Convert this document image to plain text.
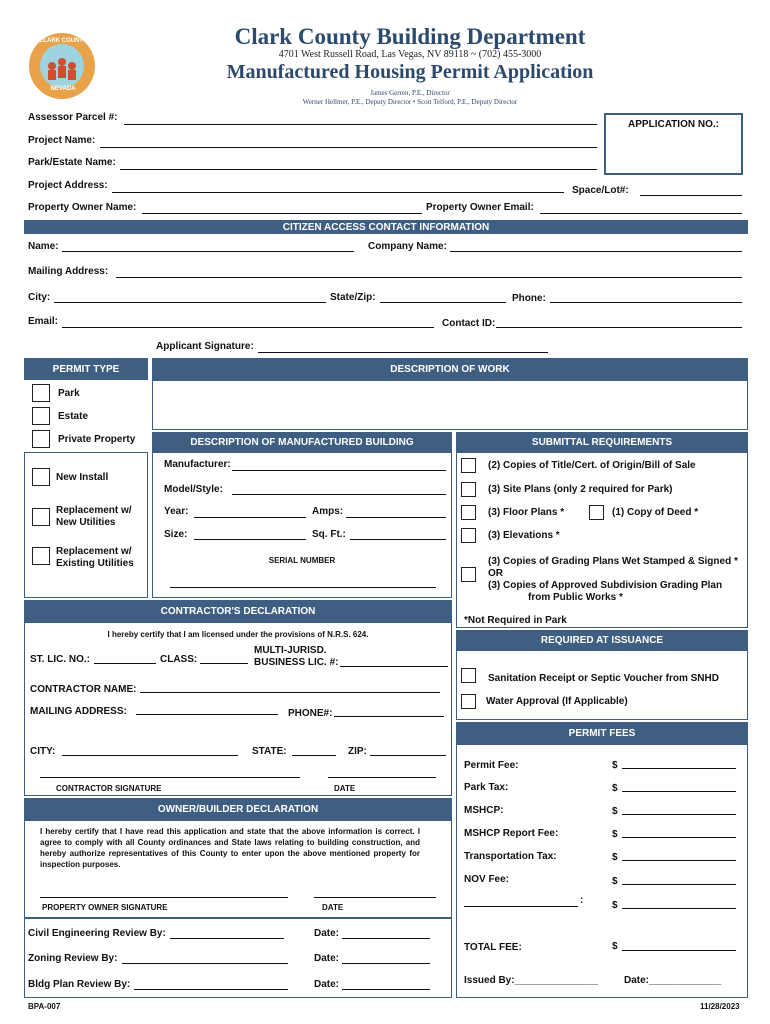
CLARK COUNTY
NEVADA
Clark County Building Department
4701 West Russell Road, Las Vegas, NV 89118 ~ (702) 455-3000
Manufactured Housing Permit Application
James Gerren, P.E., Director
Werner Hellmer, P.E., Deputy Director • Scott Telford, P.E., Deputy Director
Assessor Parcel #:
Project Name:
Park/Estate Name:
APPLICATION NO.:
Project Address:	Space/Lot#:
Property Owner Name:	Property Owner Email:
CITIZEN ACCESS CONTACT INFORMATION
Name:	Company Name:
Mailing Address:
City:	State/Zip:	Phone:
Email:	Contact ID:
Applicant Signature:
PERMIT TYPE	DESCRIPTION OF WORK
Park
Estate
Private Property
New Install
Replacement w/
New Utilities
Replacement w/
Existing Utilities
DESCRIPTION OF MANUFACTURED BUILDING
Manufacturer:
Model/Style:
Year:	Amps:
Size:	Sq. Ft.:
SERIAL NUMBER
SUBMITTAL REQUIREMENTS
(2) Copies of Title/Cert. of Origin/Bill of Sale
(3) Site Plans (only 2 required for Park)
(3) Floor Plans *	(1) Copy of Deed *
(3) Elevations *
(3) Copies of Grading Plans Wet Stamped & Signed *
OR
(3) Copies of Approved Subdivision Grading Plan
from Public Works *
*Not Required in Park
CONTRACTOR'S DECLARATION
I hereby certify that I am licensed under the provisions of N.R.S. 624.
ST. LIC. NO.:	CLASS:
MULTI-JURISD.
BUSINESS LIC. #:
CONTRACTOR NAME:
MAILING ADDRESS:	PHONE#:
CITY:	STATE:	ZIP:
CONTRACTOR SIGNATURE	DATE
REQUIRED AT ISSUANCE
Sanitation Receipt or Septic Voucher from SNHD
Water Approval (If Applicable)
PERMIT FEES
Permit Fee:	$
Park Tax:	$
MSHCP:	$
MSHCP Report Fee:	$
Transportation Tax:	$
NOV Fee:	$
:	$
TOTAL FEE:	$
Issued By:_______________	Date:_____________
OWNER/BUILDER DECLARATION

I hereby certify that I have read this application and state that the above information is correct. I agree to comply with all County ordinances and State laws relating to building construction, and hereby authorize representatives of this County to enter upon the above mentioned property for inspection purposes.

PROPERTY OWNER SIGNATURE	DATE
Civil Engineering Review By:	Date:
Zoning Review By:	Date:
Bldg Plan Review By:	Date:
BPA-007	11/28/2023
